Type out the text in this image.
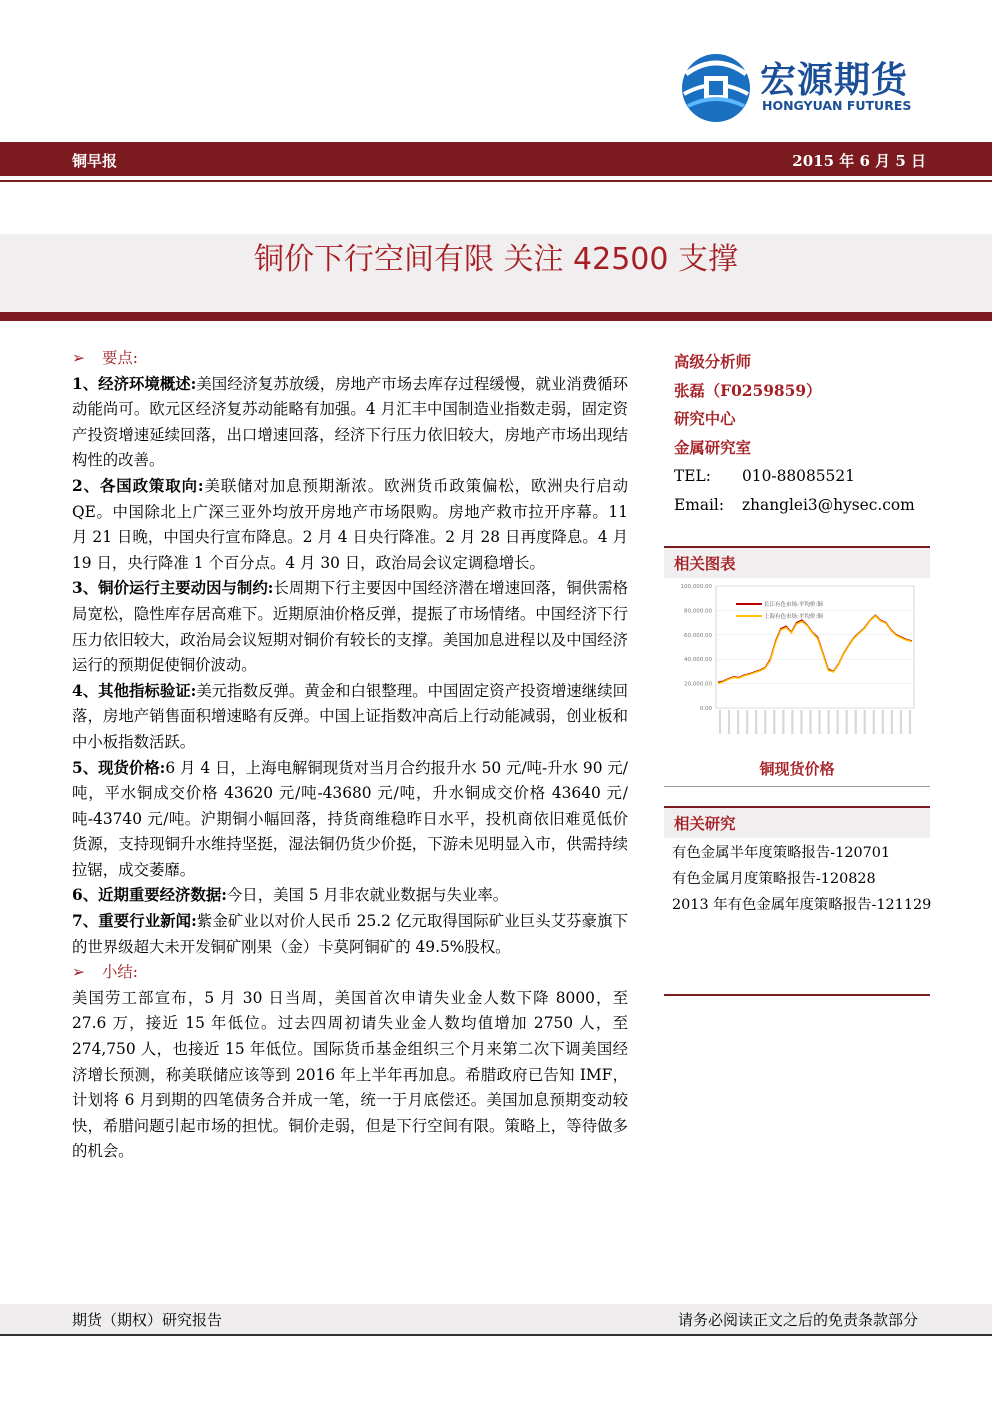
宏源期货
HONGYUAN FUTURES
铜早报	2015 年 6 月 5 日
铜价下行空间有限 关注 42500 支撑
➢ 要点:
1、经济环境概述:美国经济复苏放缓，房地产市场去库存过程缓慢，就业消费循环动能尚可。欧元区经济复苏动能略有加强。4 月汇丰中国制造业指数走弱，固定资产投资增速延续回落，出口增速回落，经济下行压力依旧较大，房地产市场出现结构性的改善。
2、各国政策取向:美联储对加息预期渐浓。欧洲货币政策偏松，欧洲央行启动 QE。中国除北上广深三亚外均放开房地产市场限购。房地产救市拉开序幕。11 月 21 日晚，中国央行宣布降息。2 月 4 日央行降准。2 月 28 日再度降息。4 月 19 日，央行降准 1 个百分点。4 月 30 日，政治局会议定调稳增长。
3、铜价运行主要动因与制约:长周期下行主要因中国经济潜在增速回落，铜供需格局宽松，隐性库存居高难下。近期原油价格反弹，提振了市场情绪。中国经济下行压力依旧较大，政治局会议短期对铜价有较长的支撑。美国加息进程以及中国经济运行的预期促使铜价波动。
4、其他指标验证:美元指数反弹。黄金和白银整理。中国固定资产投资增速继续回落，房地产销售面积增速略有反弹。中国上证指数冲高后上行动能减弱，创业板和中小板指数活跃。
5、现货价格:6 月 4 日，上海电解铜现货对当月合约报升水 50 元/吨-升水 90 元/吨，平水铜成交价格 43620 元/吨-43680 元/吨，升水铜成交价格 43640 元/吨-43740 元/吨。沪期铜小幅回落，持货商维稳昨日水平，投机商依旧难觅低价货源，支持现铜升水维持坚挺，湿法铜仍货少价挺，下游未见明显入市，供需持续拉锯，成交萎靡。
6、近期重要经济数据:今日，美国 5 月非农就业数据与失业率。
7、重要行业新闻:紫金矿业以对价人民币 25.2 亿元取得国际矿业巨头艾芬豪旗下的世界级超大未开发铜矿刚果（金）卡莫阿铜矿的 49.5%股权。
➢ 小结:
美国劳工部宣布，5 月 30 日当周，美国首次申请失业金人数下降 8000，至 27.6 万，接近 15 年低位。过去四周初请失业金人数均值增加 2750 人，至 274,750 人，也接近 15 年低位。国际货币基金组织三个月来第二次下调美国经济增长预测，称美联储应该等到 2016 年上半年再加息。希腊政府已告知 IMF，计划将 6 月到期的四笔债务合并成一笔，统一于月底偿还。美国加息预期变动较快，希腊问题引起市场的担忧。铜价走弱，但是下行空间有限。策略上，等待做多的机会。
高级分析师
张磊（F0259859）
研究中心
金属研究室
TEL: 010-88085521
Email: zhanglei3@hysec.com
相关图表
100,000.00
80,000.00
60,000.00
40,000.00
20,000.00
0.00
长江有色市场:平均价:铜
上海有色市场:平均价:铜
铜现货价格
相关研究
有色金属半年度策略报告-120701
有色金属月度策略报告-120828
2013 年有色金属年度策略报告-121129
期货（期权）研究报告	请务必阅读正文之后的免责条款部分
